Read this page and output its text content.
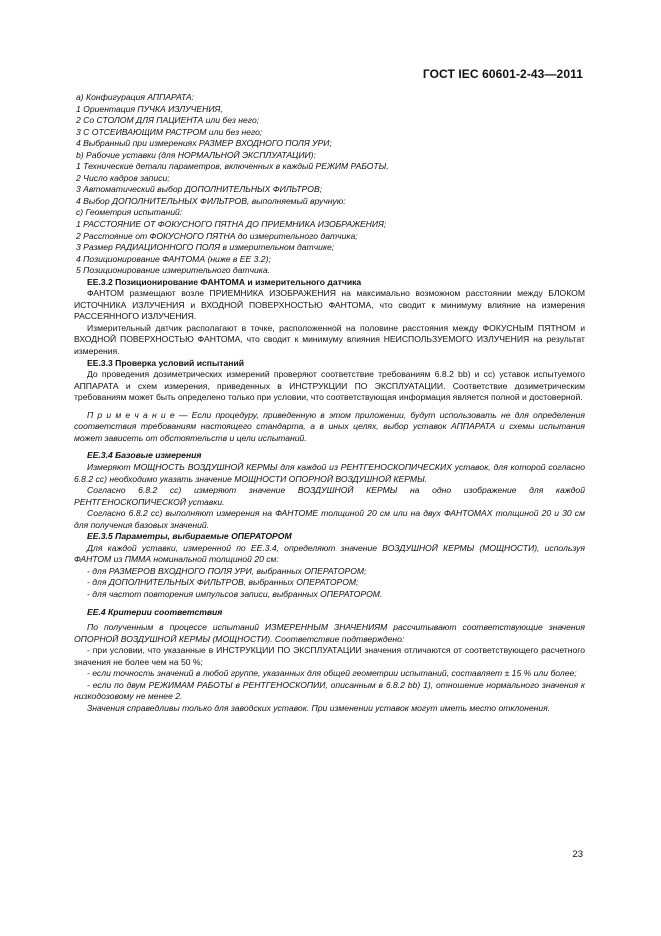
ГОСТ IEC 60601-2-43—2011

a) Конфигурация АППАРАТА:

1 Ориентация ПУЧКА ИЗЛУЧЕНИЯ,

2 Со СТОЛОМ ДЛЯ ПАЦИЕНТА или без него;

3 С ОТСЕИВАЮЩИМ РАСТРОМ или без него;

4 Выбранный при измерениях РАЗМЕР ВХОДНОГО ПОЛЯ УРИ;

b) Рабочие уставки (для НОРМАЛЬНОЙ ЭКСПЛУАТАЦИИ):

1 Технические детали параметров, включенных в каждый РЕЖИМ РАБОТЫ,

2 Число кадров записи;

3 Автоматический выбор ДОПОЛНИТЕЛЬНЫХ ФИЛЬТРОВ;

4 Выбор ДОПОЛНИТЕЛЬНЫХ ФИЛЬТРОВ, выполняемый вручную:

c) Геометрия испытаний:

1 РАССТОЯНИЕ ОТ ФОКУСНОГО ПЯТНА ДО ПРИЕМНИКА ИЗОБРАЖЕНИЯ;

2 Расстояние от ФОКУСНОГО ПЯТНА до измерительного датчика;

3 Размер РАДИАЦИОННОГО ПОЛЯ в измерительном датчике;

4 Позиционирование ФАНТОМА (ниже в ЕЕ 3.2);

5 Позиционирование измерительного датчика.

ЕЕ.3.2 Позиционирование ФАНТОМА и измерительного датчика

ФАНТОМ размещают возле ПРИЕМНИКА ИЗОБРАЖЕНИЯ на максимально возможном расстоянии между БЛОКОМ ИСТОЧНИКА ИЗЛУЧЕНИЯ и ВХОДНОЙ ПОВЕРХНОСТЬЮ ФАНТОМА, что сводит к минимуму влияние на измерения РАССЕЯННОГО ИЗЛУЧЕНИЯ.

Измерительный датчик располагают в точке, расположенной на половине расстояния между ФОКУСНЫМ ПЯТНОМ и ВХОДНОЙ ПОВЕРХНОСТЬЮ ФАНТОМА, что сводит к минимуму влияния НЕИСПОЛЬЗУЕМОГО ИЗЛУЧЕНИЯ на результат измерения.

ЕЕ.3.3 Проверка условий испытаний

До проведения дозиметрических измерений проверяют соответствие требованиям 6.8.2 bb) и сс) уставок испытуемого АППАРАТА и схем измерения, приведенных в ИНСТРУКЦИИ ПО ЭКСПЛУАТАЦИИ. Соответствие дозиметрическим требованиям может быть определено только при условии, что соответствующая информация является полной и достоверной.

П р и м е ч а н и е — Если процедуру, приведенную в этом приложении, будут использовать не для определения соответствия требованиям настоящего стандарта, а в иных целях, выбор уставок АППАРАТА и схемы испытания может зависеть от обстоятельств и цели испытаний.

ЕЕ.3.4 Базовые измерения

Измеряют МОЩНОСТЬ ВОЗДУШНОЙ КЕРМЫ для каждой из РЕНТГЕНОСКОПИЧЕСКИХ уставок, для которой согласно 6.8.2 сс) необходимо указать значение МОЩНОСТИ ОПОРНОЙ ВОЗДУШНОЙ КЕРМЫ.

Согласно 6.8.2 сс) измеряют значение ВОЗДУШНОЙ КЕРМЫ на одно изображение для каждой РЕНТГЕНОСКОПИЧЕСКОЙ уставки.

Согласно 6.8.2 сс) выполняют измерения на ФАНТОМЕ толщиной 20 см или на двух ФАНТОМАХ толщиной 20 и 30 см для получения базовых значений.

ЕЕ.3.5 Параметры, выбираемые ОПЕРАТОРОМ

Для каждой уставки, измеренной по ЕЕ.3.4, определяют значение ВОЗДУШНОЙ КЕРМЫ (МОЩНОСТИ), используя ФАНТОМ из ПММА номинальной толщиной 20 см:

- для РАЗМЕРОВ ВХОДНОГО ПОЛЯ УРИ, выбранных ОПЕРАТОРОМ;

- для ДОПОЛНИТЕЛЬНЫХ ФИЛЬТРОВ, выбранных ОПЕРАТОРОМ;

- для частот повторения импульсов записи, выбранных ОПЕРАТОРОМ.

ЕЕ.4 Критерии соответствия

По полученным в процессе испытаний ИЗМЕРЕННЫМ ЗНАЧЕНИЯМ рассчитывают соответствующие значения ОПОРНОЙ ВОЗДУШНОЙ КЕРМЫ (МОЩНОСТИ). Соответствие подтверждено:

- при условии, что указанные в ИНСТРУКЦИИ ПО ЭКСПЛУАТАЦИИ значения отличаются от соответствующего расчетного значения не более чем на 50 %;

- если точность значений в любой группе, указанных для общей геометрии испытаний, составляет ± 15 % или более;

- если по двум РЕЖИМАМ РАБОТЫ в РЕНТГЕНОСКОПИИ, описанным в 6.8.2 bb) 1), отношение нормального значения к низкодозовому не менее 2.

Значения справедливы только для заводских уставок. При изменении уставок могут иметь место отклонения.

23
